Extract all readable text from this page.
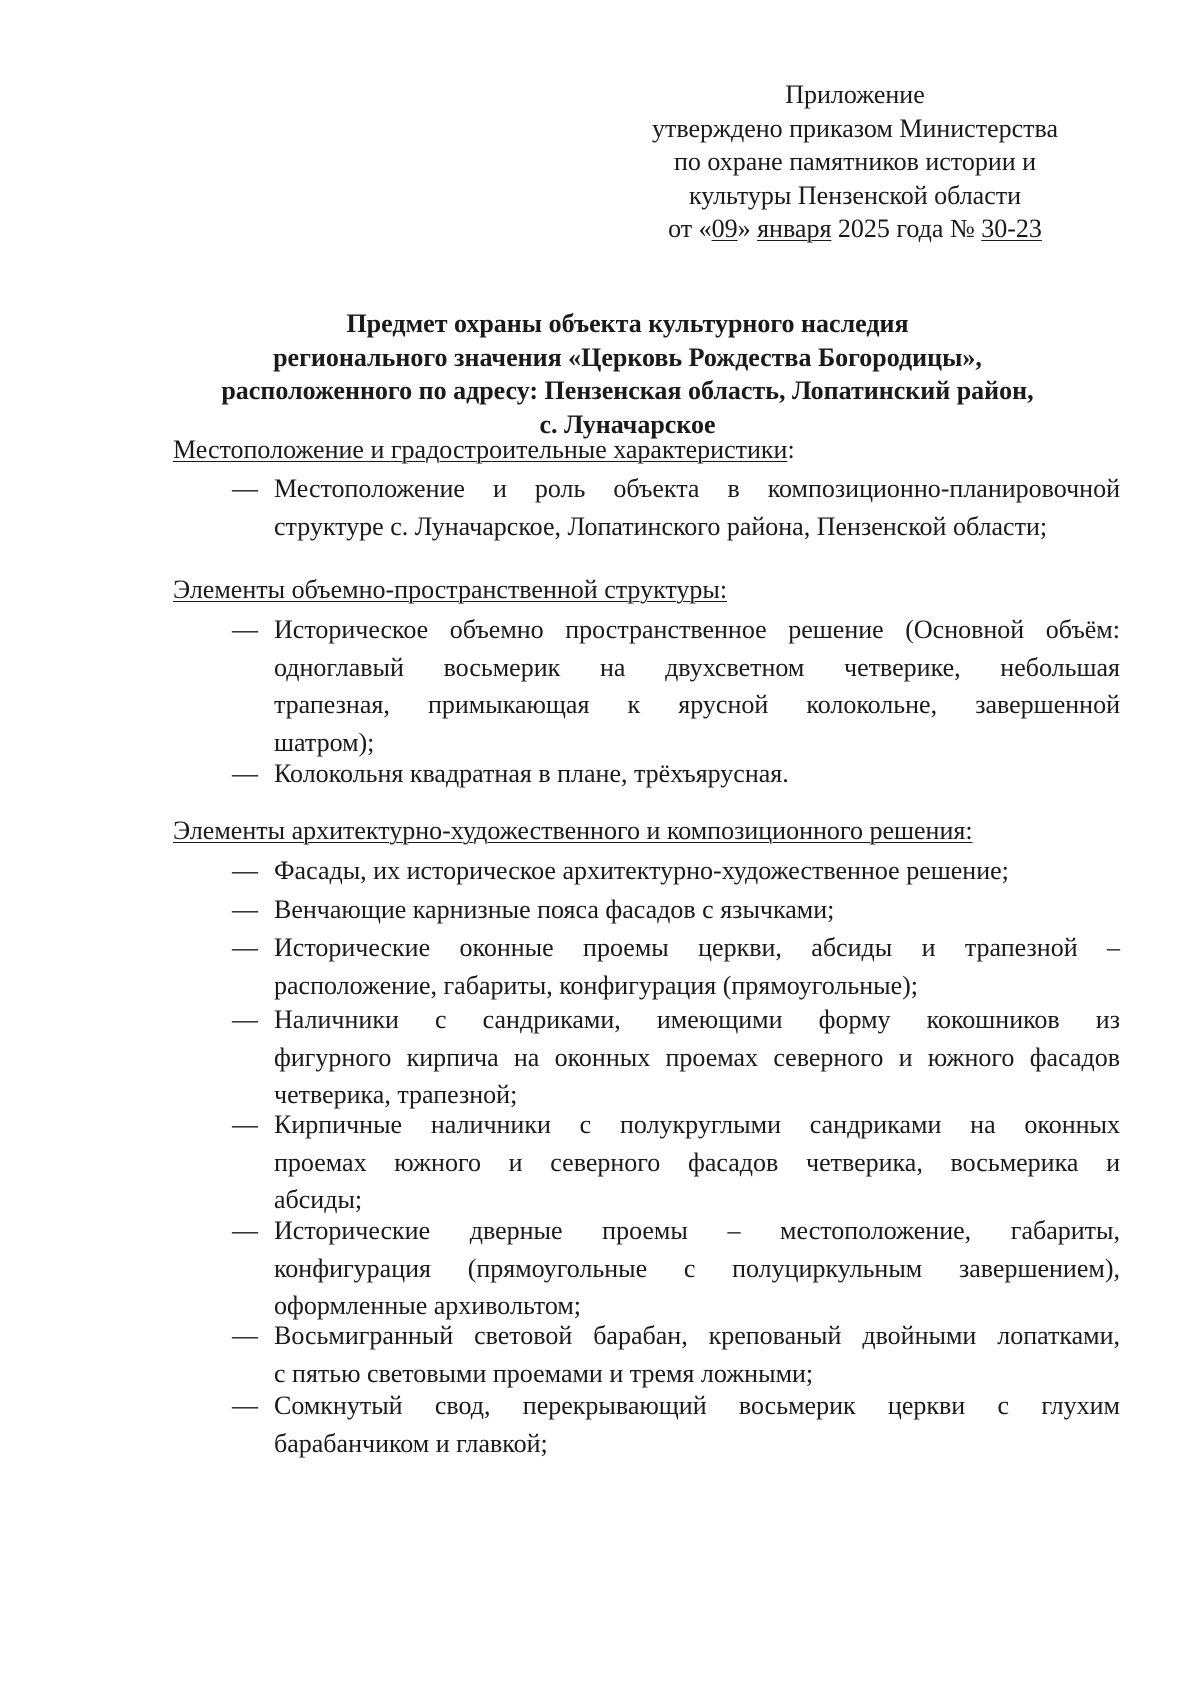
Приложение
утверждено приказом Министерства
по охране памятников истории и
культуры Пензенской области
от «09» января 2025 года № 30-23
Предмет охраны объекта культурного наследия
регионального значения «Церковь Рождества Богородицы»,
расположенного по адресу: Пензенская область, Лопатинский район,
с. Луначарское
Местоположение и градостроительные характеристики:
— Местоположение и роль объекта в композиционно-планировочной
структуре с. Луначарское, Лопатинского района, Пензенской области;
Элементы объемно-пространственной структуры:
— Историческое объемно пространственное решение (Основной объём:
одноглавый восьмерик на двухсветном четверике, небольшая
трапезная, примыкающая к ярусной колокольне, завершенной
шатром);
— Колокольня квадратная в плане, трёхъярусная.
Элементы архитектурно-художественного и композиционного решения:
— Фасады, их историческое архитектурно-художественное решение;
— Венчающие карнизные пояса фасадов с язычками;
— Исторические оконные проемы церкви, абсиды и трапезной –
расположение, габариты, конфигурация (прямоугольные);
— Наличники с сандриками, имеющими форму кокошников из
фигурного кирпича на оконных проемах северного и южного фасадов
четверика, трапезной;
— Кирпичные наличники с полукруглыми сандриками на оконных
проемах южного и северного фасадов четверика, восьмерика и
абсиды;
— Исторические дверные проемы – местоположение, габариты,
конфигурация (прямоугольные с полуциркульным завершением),
оформленные архивольтом;
— Восьмигранный световой барабан, крепованый двойными лопатками,
с пятью световыми проемами и тремя ложными;
— Сомкнутый свод, перекрывающий восьмерик церкви с глухим
барабанчиком и главкой;
